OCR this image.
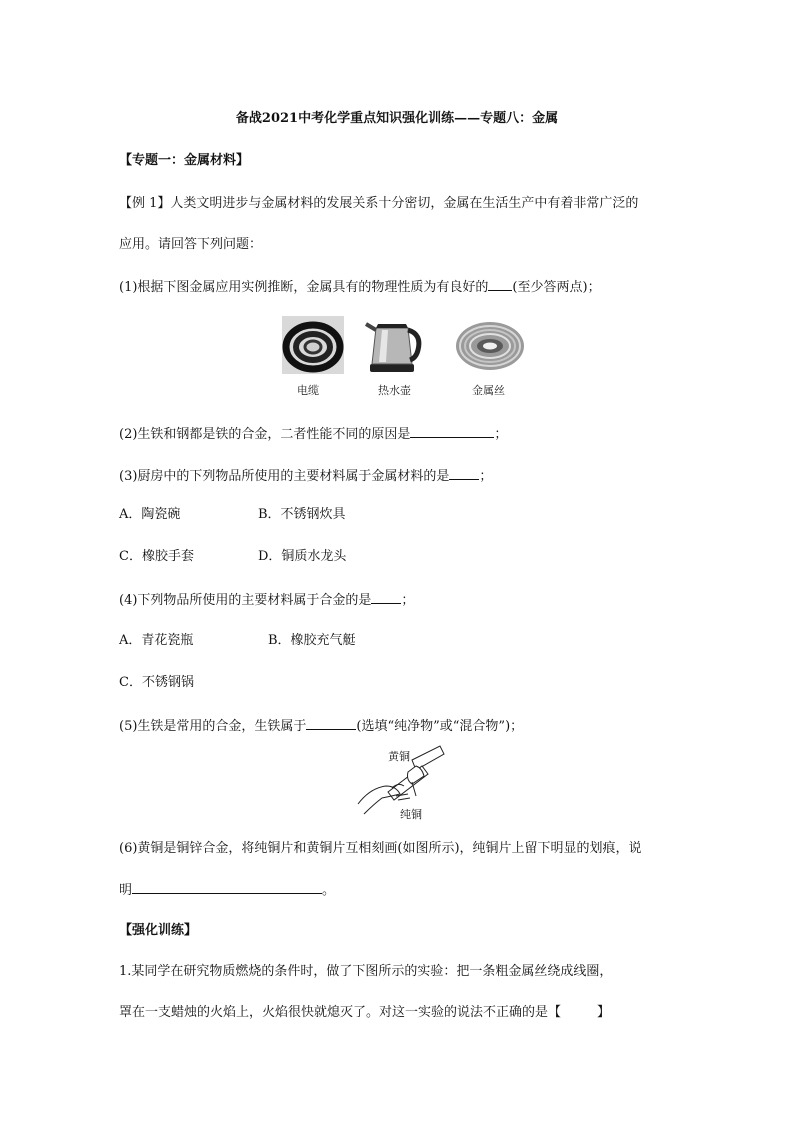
备战2021中考化学重点知识强化训练——专题八：金属
【专题一：金属材料】
【例 1】人类文明进步与金属材料的发展关系十分密切，金属在生活生产中有着非常广泛的
应用。请回答下列问题：
(1)根据下图金属应用实例推断，金属具有的物理性质为有良好的 (至少答两点)；
电缆	热水壶	金属丝
(2)生铁和钢都是铁的合金，二者性能不同的原因是	；
(3)厨房中的下列物品所使用的主要材料属于金属材料的是 ；
A．陶瓷碗	B．不锈钢炊具
C．橡胶手套	D．铜质水龙头
(4)下列物品所使用的主要材料属于合金的是 ；
A．青花瓷瓶	B．橡胶充气艇
C．不锈钢锅
(5)生铁是常用的合金，生铁属于	(选填“纯净物”或“混合物”)；
黄铜
纯铜
(6)黄铜是铜锌合金，将纯铜片和黄铜片互相刻画(如图所示)，纯铜片上留下明显的划痕，说
明	。
【强化训练】
1.某同学在研究物质燃烧的条件时，做了下图所示的实验：把一条粗金属丝绕成线圈，
罩在一支蜡烛的火焰上，火焰很快就熄灭了。对这一实验的说法不正确的是【	】
